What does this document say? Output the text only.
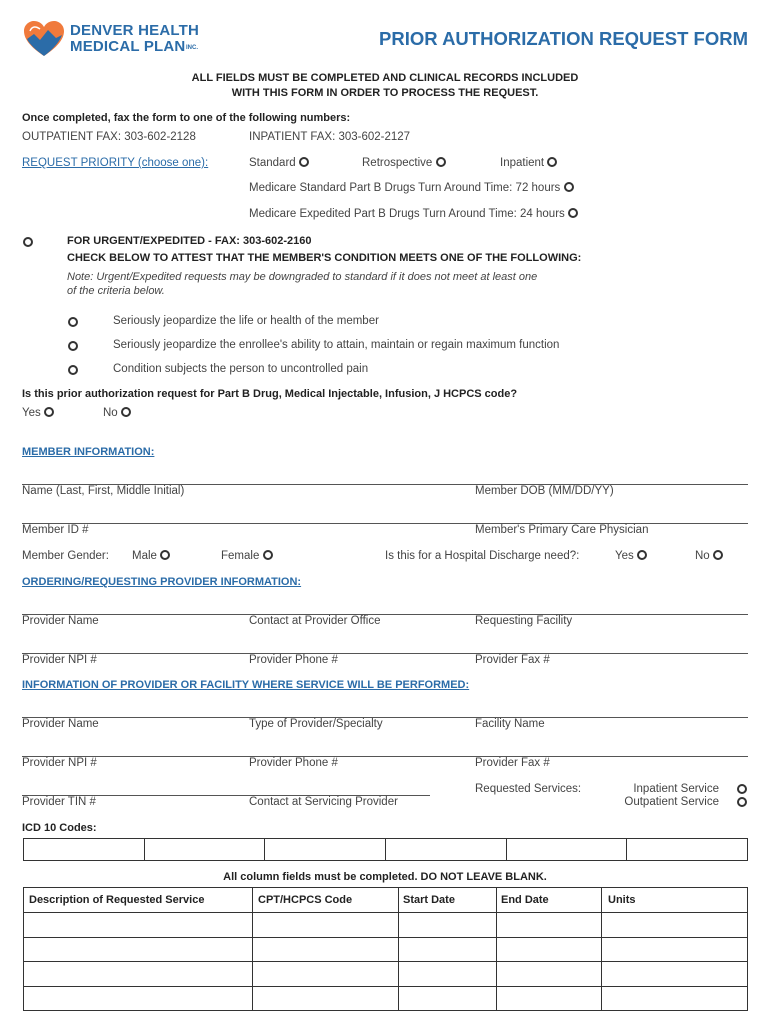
DENVER HEALTH
MEDICAL PLAN INC.	PRIOR AUTHORIZATION REQUEST FORM
ALL FIELDS MUST BE COMPLETED AND CLINICAL RECORDS INCLUDED
WITH THIS FORM IN ORDER TO PROCESS THE REQUEST.
Once completed, fax the form to one of the following numbers:
OUTPATIENT FAX: 303-602-2128	INPATIENT FAX: 303-602-2127
REQUEST PRIORITY (choose one):	Standard	Retrospective	Inpatient
Medicare Standard Part B Drugs Turn Around Time: 72 hours
Medicare Expedited Part B Drugs Turn Around Time: 24 hours
FOR URGENT/EXPEDITED - FAX: 303-602-2160
CHECK BELOW TO ATTEST THAT THE MEMBER'S CONDITION MEETS ONE OF THE FOLLOWING:
Note: Urgent/Expedited requests may be downgraded to standard if it does not meet at least one
of the criteria below.
Seriously jeopardize the life or health of the member
Seriously jeopardize the enrollee's ability to attain, maintain or regain maximum function
Condition subjects the person to uncontrolled pain
Is this prior authorization request for Part B Drug, Medical Injectable, Infusion, J HCPCS code?
Yes	No
MEMBER INFORMATION:
Name (Last, First, Middle Initial)	Member DOB (MM/DD/YY)
Member ID #	Member's Primary Care Physician
Member Gender: Male	Female	Is this for a Hospital Discharge need?:	Yes	No
ORDERING/REQUESTING PROVIDER INFORMATION:
Provider Name	Contact at Provider Office	Requesting Facility
Provider NPI #	Provider Phone #	Provider Fax #
INFORMATION OF PROVIDER OR FACILITY WHERE SERVICE WILL BE PERFORMED:
Provider Name	Type of Provider/Specialty	Facility Name
Provider NPI #	Provider Phone #	Provider Fax #
Provider TIN #	Contact at Servicing Provider
Requested Services:	Inpatient Service
Outpatient Service
ICD 10 Codes:

All column fields must be completed. DO NOT LEAVE BLANK.

Description of Requested Service	CPT/HCPCS Code	Start Date	End Date	Units
